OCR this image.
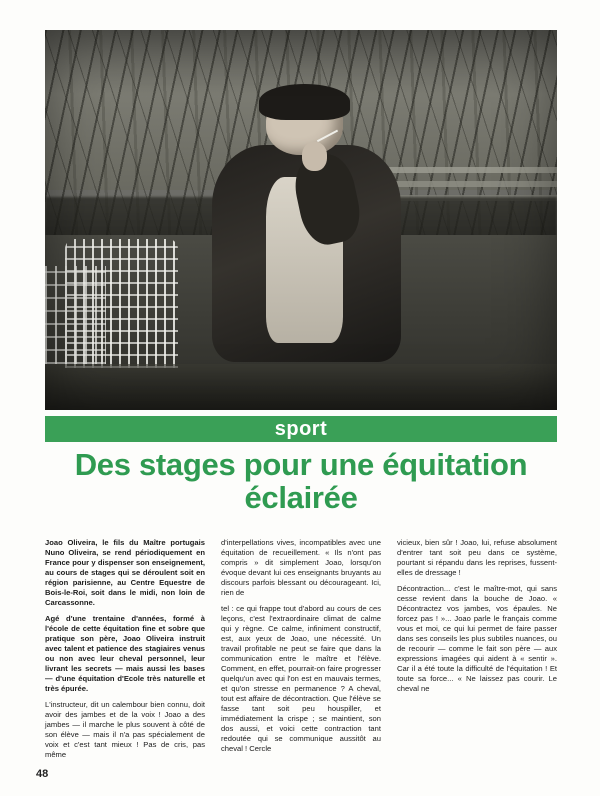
sport
Des stages pour une équitation
éclairée

Joao Oliveira, le fils du Maître portugais Nuno Oliveira, se rend périodiquement en France pour y dispenser son enseignement, au cours de stages qui se déroulent soit en région parisienne, au Centre Equestre de Bois-le-Roi, soit dans le midi, non loin de Carcassonne.

Agé d'une trentaine d'années, formé à l'école de cette équitation fine et sobre que pratique son père, Joao Oliveira instruit avec talent et patience des stagiaires venus ou non avec leur cheval personnel, leur livrant les secrets — mais aussi les bases — d'une équitation d'Ecole très naturelle et très épurée.

L'instructeur, dit un calembour bien connu, doit avoir des jambes et de la voix ! Joao a des jambes — il marche le plus souvent à côté de son élève — mais il n'a pas spécialement de voix et c'est tant mieux ! Pas de cris, pas même

d'interpellations vives, incompatibles avec une équitation de recueillement. « Ils n'ont pas compris » dit simplement Joao, lorsqu'on évoque devant lui ces enseignants bruyants au discours parfois blessant ou décourageant. Ici, rien de

tel : ce qui frappe tout d'abord au cours de ces leçons, c'est l'extraordinaire climat de calme qui y règne. Ce calme, infiniment constructif, est, aux yeux de Joao, une nécessité. Un travail profitable ne peut se faire que dans la communication entre le maître et l'élève. Comment, en effet, pourrait-on faire progresser quelqu'un avec qui l'on est en mauvais termes, et qu'on stresse en permanence ? A cheval, tout est affaire de décontraction. Que l'élève se fasse tant soit peu houspiller, et immédiatement la crispe ; se maintient, son dos aussi, et voici cette contraction tant redoutée qui se communique aussitôt au cheval ! Cercle

vicieux, bien sûr ! Joao, lui, refuse absolument d'entrer tant soit peu dans ce système, pourtant si répandu dans les reprises, fussent-elles de dressage !

Décontraction... c'est le maître-mot, qui sans cesse revient dans la bouche de Joao. « Décontractez vos jambes, vos épaules. Ne forcez pas ! »... Joao parle le français comme vous et moi, ce qui lui permet de faire passer dans ses conseils les plus subtiles nuances, ou de recourir — comme le fait son père — aux expressions imagées qui aident à « sentir ». Car il a été toute la difficulté de l'équitation ! Et toute sa force... « Ne laissez pas courir. Le cheval ne

48
